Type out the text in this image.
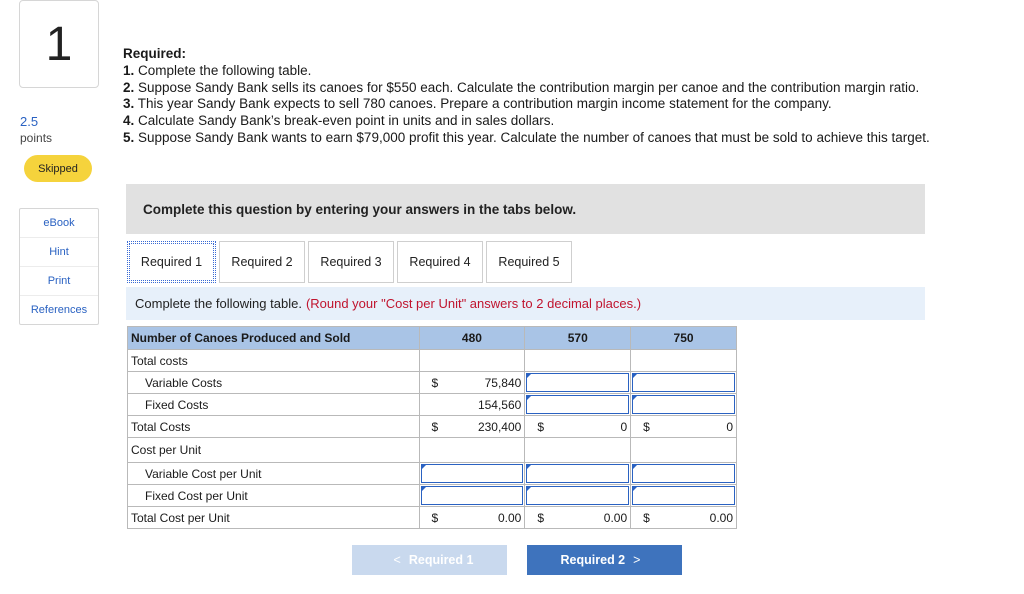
1
2.5
points
Skipped
eBook
Hint
Print
References
Required:
1. Complete the following table.
2. Suppose Sandy Bank sells its canoes for $550 each. Calculate the contribution margin per canoe and the contribution margin ratio.
3. This year Sandy Bank expects to sell 780 canoes. Prepare a contribution margin income statement for the company.
4. Calculate Sandy Bank’s break-even point in units and in sales dollars.
5. Suppose Sandy Bank wants to earn $79,000 profit this year. Calculate the number of canoes that must be sold to achieve this target.
Complete this question by entering your answers in the tabs below.
Required 1	Required 2	Required 3	Required 4	Required 5
Complete the following table. (Round your "Cost per Unit" answers to 2 decimal places.)
Number of Canoes Produced and Sold	480	570	750
Total costs			
Variable Costs	$ 75,840		

Fixed Costs	154,560		

Total Costs	$ 230,400	$ 0	$ 0

Cost per Unit			
Variable Cost per Unit	

Fixed Cost per Unit	

Total Cost per Unit	$ 0.00	$ 0.00	$ 0.00
< Required 1	Required 2 >
